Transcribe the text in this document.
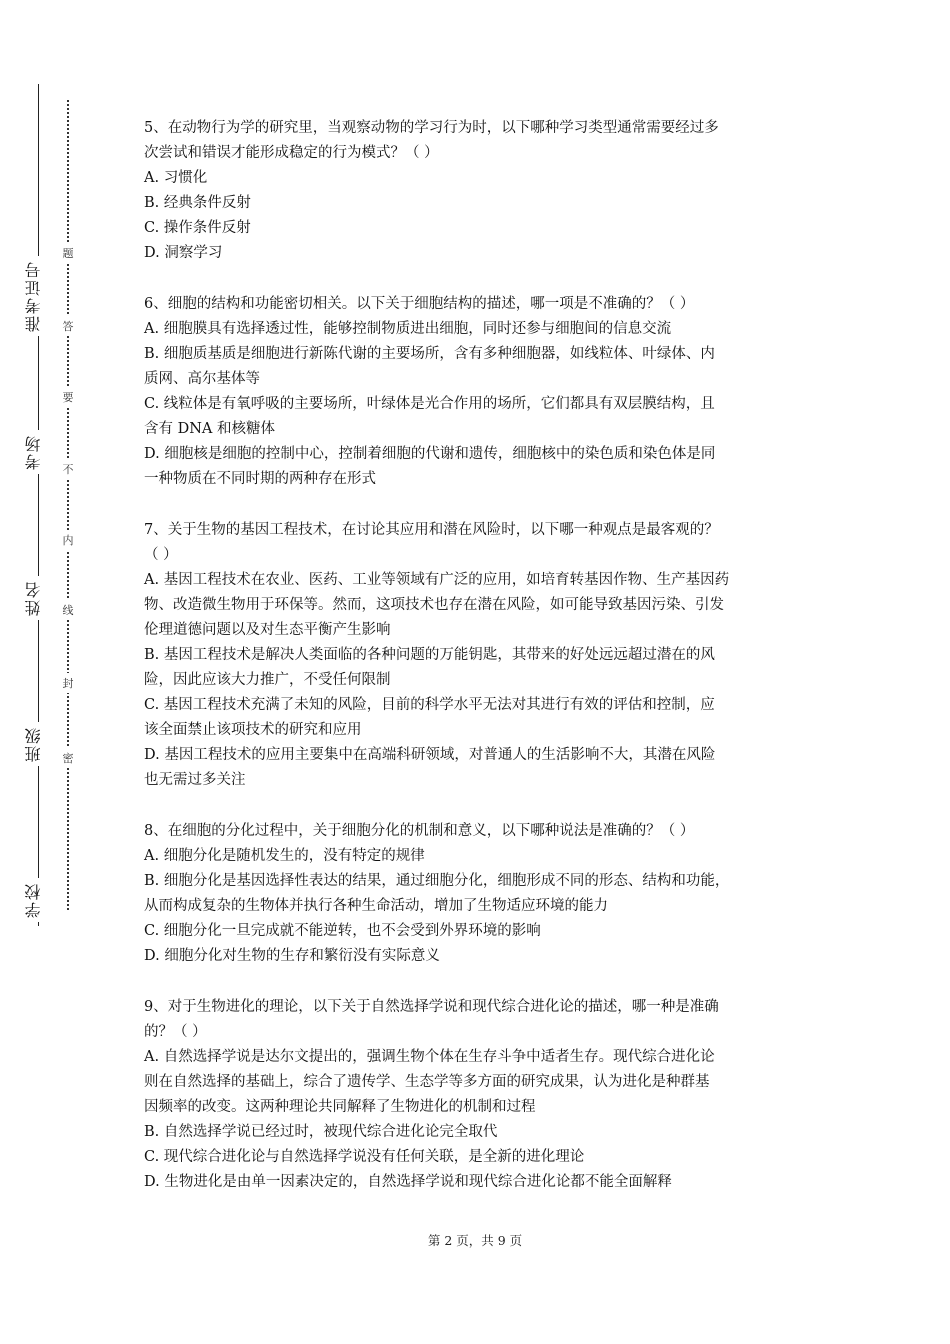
学校
班级
姓名
考场
准考证号
密
封
线
内
不
要
答
题
5、在动物行为学的研究里，当观察动物的学习行为时，以下哪种学习类型通常需要经过多
次尝试和错误才能形成稳定的行为模式？（ ）
A. 习惯化
B. 经典条件反射
C. 操作条件反射
D. 洞察学习
6、细胞的结构和功能密切相关。以下关于细胞结构的描述，哪一项是不准确的？（ ）
A. 细胞膜具有选择透过性，能够控制物质进出细胞，同时还参与细胞间的信息交流
B. 细胞质基质是细胞进行新陈代谢的主要场所，含有多种细胞器，如线粒体、叶绿体、内
质网、高尔基体等
C. 线粒体是有氧呼吸的主要场所，叶绿体是光合作用的场所，它们都具有双层膜结构，且
含有 DNA 和核糖体
D. 细胞核是细胞的控制中心，控制着细胞的代谢和遗传，细胞核中的染色质和染色体是同
一种物质在不同时期的两种存在形式
7、关于生物的基因工程技术，在讨论其应用和潜在风险时，以下哪一种观点是最客观的？
（ ）
A. 基因工程技术在农业、医药、工业等领域有广泛的应用，如培育转基因作物、生产基因药
物、改造微生物用于环保等。然而，这项技术也存在潜在风险，如可能导致基因污染、引发
伦理道德问题以及对生态平衡产生影响
B. 基因工程技术是解决人类面临的各种问题的万能钥匙，其带来的好处远远超过潜在的风
险，因此应该大力推广，不受任何限制
C. 基因工程技术充满了未知的风险，目前的科学水平无法对其进行有效的评估和控制，应
该全面禁止该项技术的研究和应用
D. 基因工程技术的应用主要集中在高端科研领域，对普通人的生活影响不大，其潜在风险
也无需过多关注
8、在细胞的分化过程中，关于细胞分化的机制和意义，以下哪种说法是准确的？（ ）
A. 细胞分化是随机发生的，没有特定的规律
B. 细胞分化是基因选择性表达的结果，通过细胞分化，细胞形成不同的形态、结构和功能，
从而构成复杂的生物体并执行各种生命活动，增加了生物适应环境的能力
C. 细胞分化一旦完成就不能逆转，也不会受到外界环境的影响
D. 细胞分化对生物的生存和繁衍没有实际意义
9、对于生物进化的理论，以下关于自然选择学说和现代综合进化论的描述，哪一种是准确
的？（ ）
A. 自然选择学说是达尔文提出的，强调生物个体在生存斗争中适者生存。现代综合进化论
则在自然选择的基础上，综合了遗传学、生态学等多方面的研究成果，认为进化是种群基
因频率的改变。这两种理论共同解释了生物进化的机制和过程
B. 自然选择学说已经过时，被现代综合进化论完全取代
C. 现代综合进化论与自然选择学说没有任何关联，是全新的进化理论
D. 生物进化是由单一因素决定的，自然选择学说和现代综合进化论都不能全面解释
第 2 页，共 9 页
